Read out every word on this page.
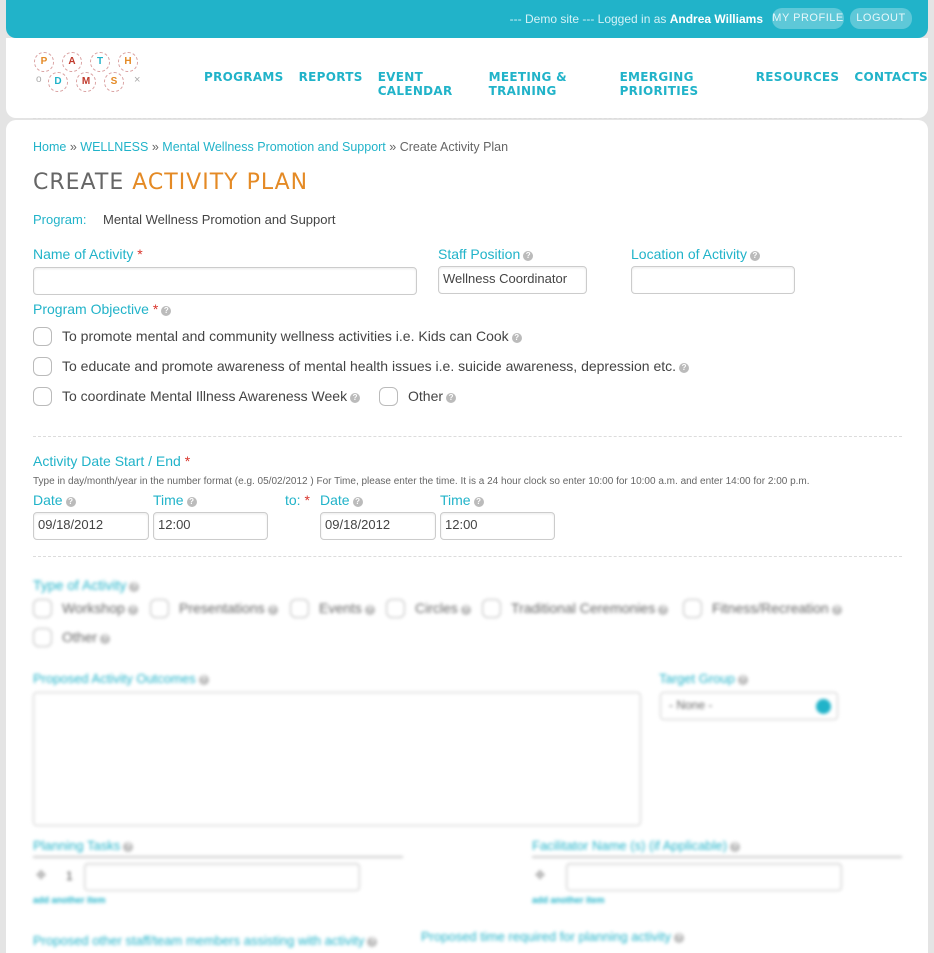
--- Demo site --- Logged in as Andrea Williams MY PROFILE	LOGOUT
P	A	T	H
o	D	M	S	×	PROGRAMS REPORTS EVENT CALENDAR
MEETING & TRAINING
EMERGING PRIORITIES
RESOURCES CONTACTS
Home » WELLNESS » Mental Wellness Promotion and Support » Create Activity Plan
CREATE ACTIVITY PLAN
Program: Mental Wellness Promotion and Support
Name of Activity *	Staff Position ?
Wellness Coordinator
Location of Activity ?
Program Objective * ?
To promote mental and community wellness activities i.e. Kids can Cook ?
To educate and promote awareness of mental health issues i.e. suicide awareness, depression etc. ?
To coordinate Mental Illness Awareness Week ?	Other ?
Activity Date Start / End *
Type in day/month/year in the number format (e.g. 05/02/2012 ) For Time, please enter the time. It is a 24 hour clock so enter 10:00 for 10:00 a.m. and enter 14:00 for 2:00 p.m.
Date ?	Time ?	to: * Date ?	Time ?
09/18/2012	12:00	09/18/2012	12:00
Type of Activity ?
Workshop ?	Presentations ?	Events ?	Circles ?	Traditional Ceremonies ?	Fitness/Recreation ?
Other ?
Proposed Activity Outcomes ?	Target Group ?
- None -
Planning Tasks ?
✥ 1
add another item
Facilitator Name (s) (if Applicable) ?
✥
add another item
Proposed other staff/team members assisting with activity ?	Proposed time required for planning activity ?
